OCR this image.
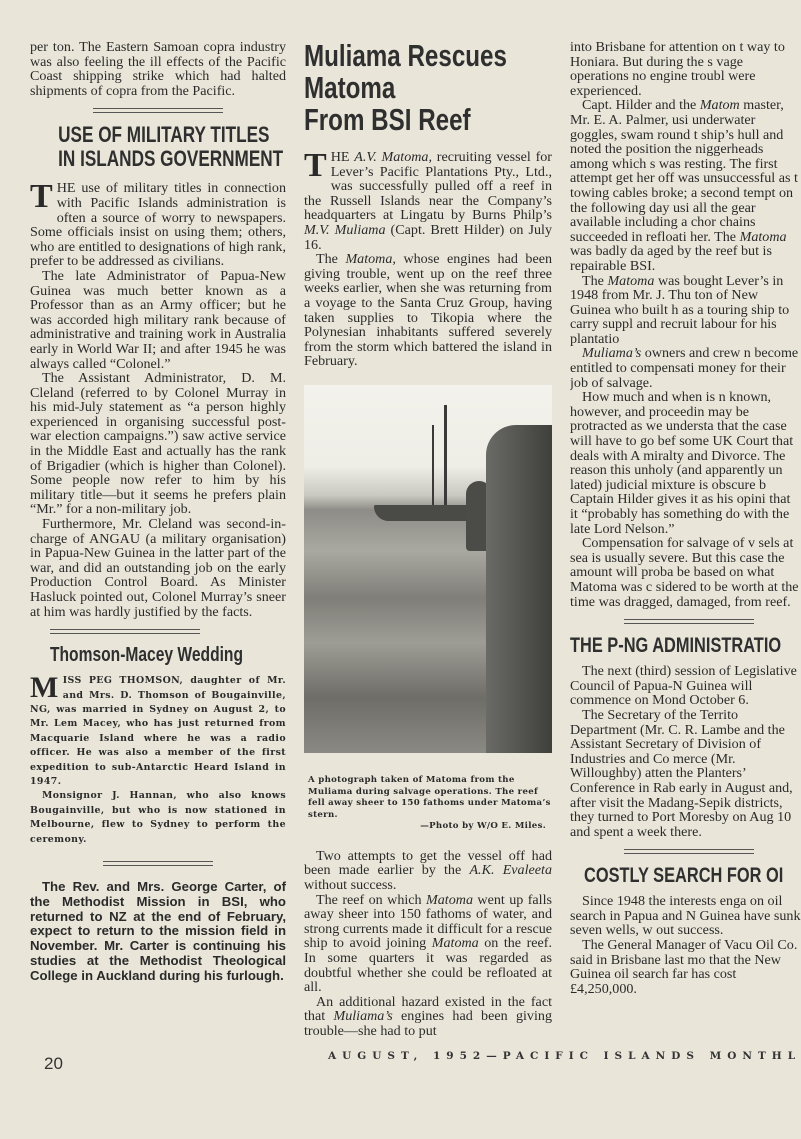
per ton. The Eastern Samoan copra industry was also feeling the ill effects of the Pacific Coast shipping strike which had halted shipments of copra from the Pacific.

USE OF MILITARY TITLES
IN ISLANDS GOVERNMENT

THE use of military titles in connection with Pacific Islands administration is often a source of worry to newspapers. Some officials insist on using them; others, who are entitled to designations of high rank, prefer to be addressed as civilians.

The late Administrator of Papua-New Guinea was much better known as a Professor than as an Army officer; but he was accorded high military rank because of administrative and training work in Australia early in World War II; and after 1945 he was always called “Colonel.”

The Assistant Administrator, D. M. Cleland (referred to by Colonel Murray in his mid-July statement as “a person highly experienced in organising successful post-war election campaigns.”) saw active service in the Middle East and actually has the rank of Brigadier (which is higher than Colonel). Some people now refer to him by his military title—but it seems he prefers plain “Mr.” for a non-military job.

Furthermore, Mr. Cleland was second-in-charge of ANGAU (a military organisation) in Papua-New Guinea in the latter part of the war, and did an outstanding job on the early Production Control Board. As Minister Hasluck pointed out, Colonel Murray’s sneer at him was hardly justified by the facts.

Thomson-Macey Wedding

MISS PEG THOMSON, daughter of Mr. and Mrs. D. Thomson of Bougainville, NG, was married in Sydney on August 2, to Mr. Lem Macey, who has just returned from Macquarie Island where he was a radio officer. He was also a member of the first expedition to sub-Antarctic Heard Island in 1947.

Monsignor J. Hannan, who also knows Bougainville, but who is now stationed in Melbourne, flew to Sydney to perform the ceremony.

The Rev. and Mrs. George Carter, of the Methodist Mission in BSI, who returned to NZ at the end of February, expect to return to the mission field in November. Mr. Carter is continuing his studies at the Methodist Theological College in Auckland during his furlough.

Muliama Rescues
Matoma
From BSI Reef

THE A.V. Matoma, recruiting vessel for Lever’s Pacific Plantations Pty., Ltd., was successfully pulled off a reef in the Russell Islands near the Company’s headquarters at Lingatu by Burns Philp’s M.V. Muliama (Capt. Brett Hilder) on July 16.

The Matoma, whose engines had been giving trouble, went up on the reef three weeks earlier, when she was returning from a voyage to the Santa Cruz Group, having taken supplies to Tikopia where the Polynesian inhabitants suffered severely from the storm which battered the island in February.

A photograph taken of Matoma from the Muliama during salvage operations. The reef fell away sheer to 150 fathoms under Matoma’s stern.
—Photo by W/O E. Miles.

Two attempts to get the vessel off had been made earlier by the A.K. Evaleeta without success.

The reef on which Matoma went up falls away sheer into 150 fathoms of water, and strong currents made it difficult for a rescue ship to avoid joining Matoma on the reef. In some quarters it was regarded as doubtful whether she could be refloated at all.

An additional hazard existed in the fact that Muliama’s engines had been giving trouble—she had to put

into Brisbane for attention on t way to Honiara. But during the s vage operations no engine troubl were experienced.

Capt. Hilder and the Matom master, Mr. E. A. Palmer, usi underwater goggles, swam round t ship’s hull and noted the position the niggerheads among which s was resting. The first attempt get her off was unsuccessful as t towing cables broke; a second tempt on the following day usi all the gear available including a chor chains succeeded in refloati her. The Matoma was badly da aged by the reef but is repairable BSI.

The Matoma was bought Lever’s in 1948 from Mr. J. Thu ton of New Guinea who built h as a touring ship to carry suppl and recruit labour for his plantatio

Muliama’s owners and crew n become entitled to compensati money for their job of salvage.

How much and when is n known, however, and proceedin may be protracted as we understa that the case will have to go bef some UK Court that deals with A miralty and Divorce. The reason this unholy (and apparently un lated) judicial mixture is obscure b Captain Hilder gives it as his opini that it “probably has something do with the late Lord Nelson.”

Compensation for salvage of v sels at sea is usually severe. But this case the amount will proba be based on what Matoma was c sidered to be worth at the time was dragged, damaged, from reef.

THE P-NG ADMINISTRATIO

The next (third) session of Legislative Council of Papua-N Guinea will commence on Mond October 6.

The Secretary of the Territo Department (Mr. C. R. Lambe and the Assistant Secretary of Division of Industries and Co merce (Mr. Willoughby) atten the Planters’ Conference in Rab early in August and, after visit the Madang-Sepik districts, they turned to Port Moresby on Aug 10 and spent a week there.

COSTLY SEARCH FOR OI

Since 1948 the interests enga on oil search in Papua and N Guinea have sunk seven wells, w out success.

The General Manager of Vacu Oil Co. said in Brisbane last mo that the New Guinea oil search far has cost £4,250,000.

20	AUGUST, 1952—PACIFIC ISLANDS MONTHL
